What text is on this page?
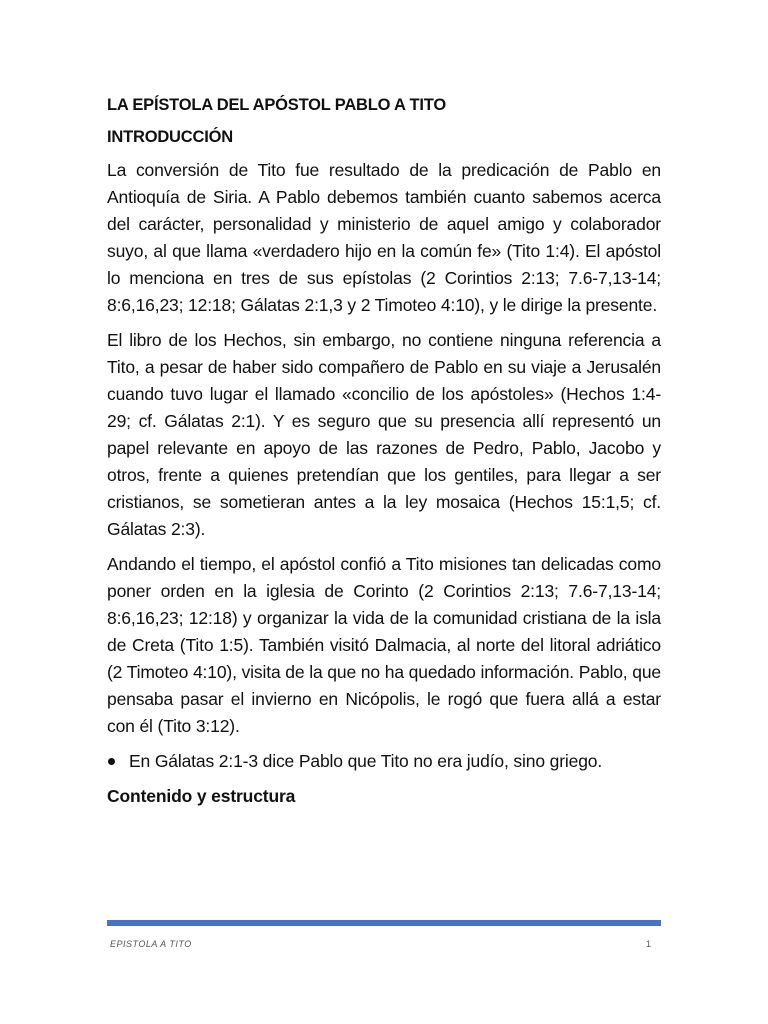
LA EPÍSTOLA DEL APÓSTOL PABLO A TITO
INTRODUCCIÓN

La conversión de Tito fue resultado de la predicación de Pablo en Antioquía de Siria. A Pablo debemos también cuanto sabemos acerca del carácter, personalidad y ministerio de aquel amigo y colaborador suyo, al que llama «verdadero hijo en la común fe» (Tito 1:4). El apóstol lo menciona en tres de sus epístolas (2 Corintios 2:13; 7.6-7,13-14; 8:6,16,23; 12:18; Gálatas 2:1,3 y 2 Timoteo 4:10), y le dirige la presente.

El libro de los Hechos, sin embargo, no contiene ninguna referencia a Tito, a pesar de haber sido compañero de Pablo en su viaje a Jerusalén cuando tuvo lugar el llamado «concilio de los apóstoles» (Hechos 1:4-29; cf. Gálatas 2:1). Y es seguro que su presencia allí representó un papel relevante en apoyo de las razones de Pedro, Pablo, Jacobo y otros, frente a quienes pretendían que los gentiles, para llegar a ser cristianos, se sometieran antes a la ley mosaica (Hechos 15:1,5; cf. Gálatas 2:3).

Andando el tiempo, el apóstol confió a Tito misiones tan delicadas como poner orden en la iglesia de Corinto (2 Corintios 2:13; 7.6-7,13-14; 8:6,16,23; 12:18) y organizar la vida de la comunidad cristiana de la isla de Creta (Tito 1:5). También visitó Dalmacia, al norte del litoral adriático (2 Timoteo 4:10), visita de la que no ha quedado información. Pablo, que pensaba pasar el invierno en Nicópolis, le rogó que fuera allá a estar con él (Tito 3:12).

En Gálatas 2:1-3 dice Pablo que Tito no era judío, sino griego.
Contenido y estructura
EPISTOLA A TITO	1
